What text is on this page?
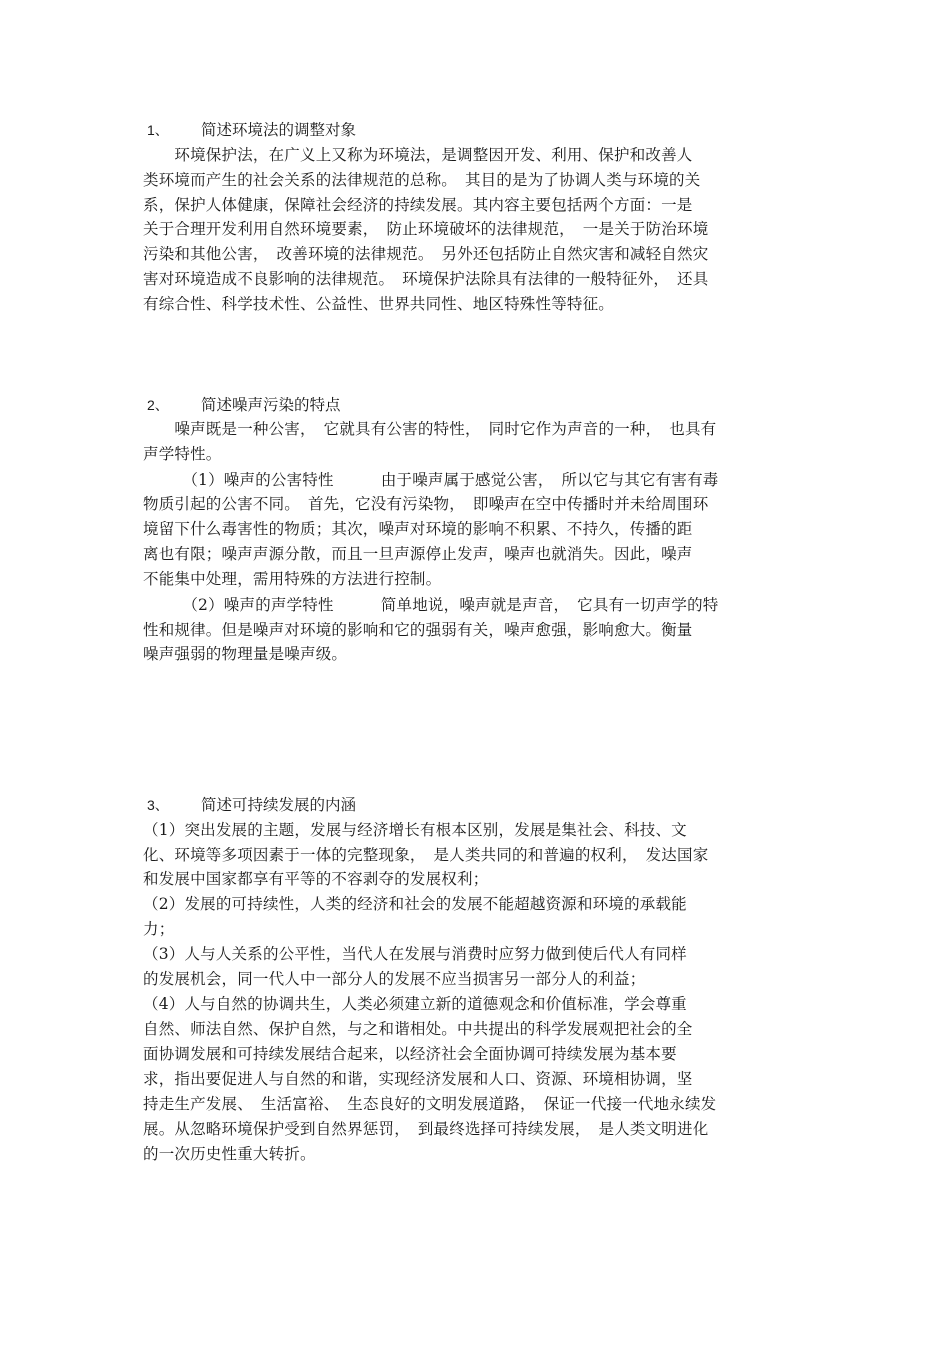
1、 简述环境法的调整对象
　　环境保护法，在广义上又称为环境法，是调整因开发、利用、保护和改善人
类环境而产生的社会关系的法律规范的总称。　其目的是为了协调人类与环境的关
系，保护人体健康，保障社会经济的持续发展。其内容主要包括两个方面：一是
关于合理开发利用自然环境要素，　防止环境破坏的法律规范，　一是关于防治环境
污染和其他公害，　改善环境的法律规范。　另外还包括防止自然灾害和减轻自然灾
害对环境造成不良影响的法律规范。　环境保护法除具有法律的一般特征外，　还具
有综合性、科学技术性、公益性、世界共同性、地区特殊性等特征。
2、 简述噪声污染的特点
　　噪声既是一种公害，　它就具有公害的特性，　同时它作为声音的一种，　也具有
声学特性。
　　　（1）噪声的公害特性　　　由于噪声属于感觉公害，　所以它与其它有害有毒
物质引起的公害不同。　首先，它没有污染物，　即噪声在空中传播时并未给周围环
境留下什么毒害性的物质；其次，噪声对环境的影响不积累、不持久，传播的距
离也有限；噪声声源分散，而且一旦声源停止发声，噪声也就消失。因此，噪声
不能集中处理，需用特殊的方法进行控制。
　　　（2）噪声的声学特性　　　简单地说，噪声就是声音，　它具有一切声学的特
性和规律。但是噪声对环境的影响和它的强弱有关，噪声愈强，影响愈大。衡量
噪声强弱的物理量是噪声级。
3、 简述可持续发展的内涵
（1）突出发展的主题，发展与经济增长有根本区别，发展是集社会、科技、文
化、环境等多项因素于一体的完整现象，　是人类共同的和普遍的权利，　发达国家
和发展中国家都享有平等的不容剥夺的发展权利；
（2）发展的可持续性，人类的经济和社会的发展不能超越资源和环境的承载能
力；
（3）人与人关系的公平性，当代人在发展与消费时应努力做到使后代人有同样
的发展机会，同一代人中一部分人的发展不应当损害另一部分人的利益；
（4）人与自然的协调共生，人类必须建立新的道德观念和价值标准，学会尊重
自然、师法自然、保护自然，与之和谐相处。中共提出的科学发展观把社会的全
面协调发展和可持续发展结合起来，以经济社会全面协调可持续发展为基本要
求，指出要促进人与自然的和谐，实现经济发展和人口、资源、环境相协调，坚
持走生产发展、　生活富裕、　生态良好的文明发展道路，　保证一代接一代地永续发
展。从忽略环境保护受到自然界惩罚，　到最终选择可持续发展，　是人类文明进化
的一次历史性重大转折。
